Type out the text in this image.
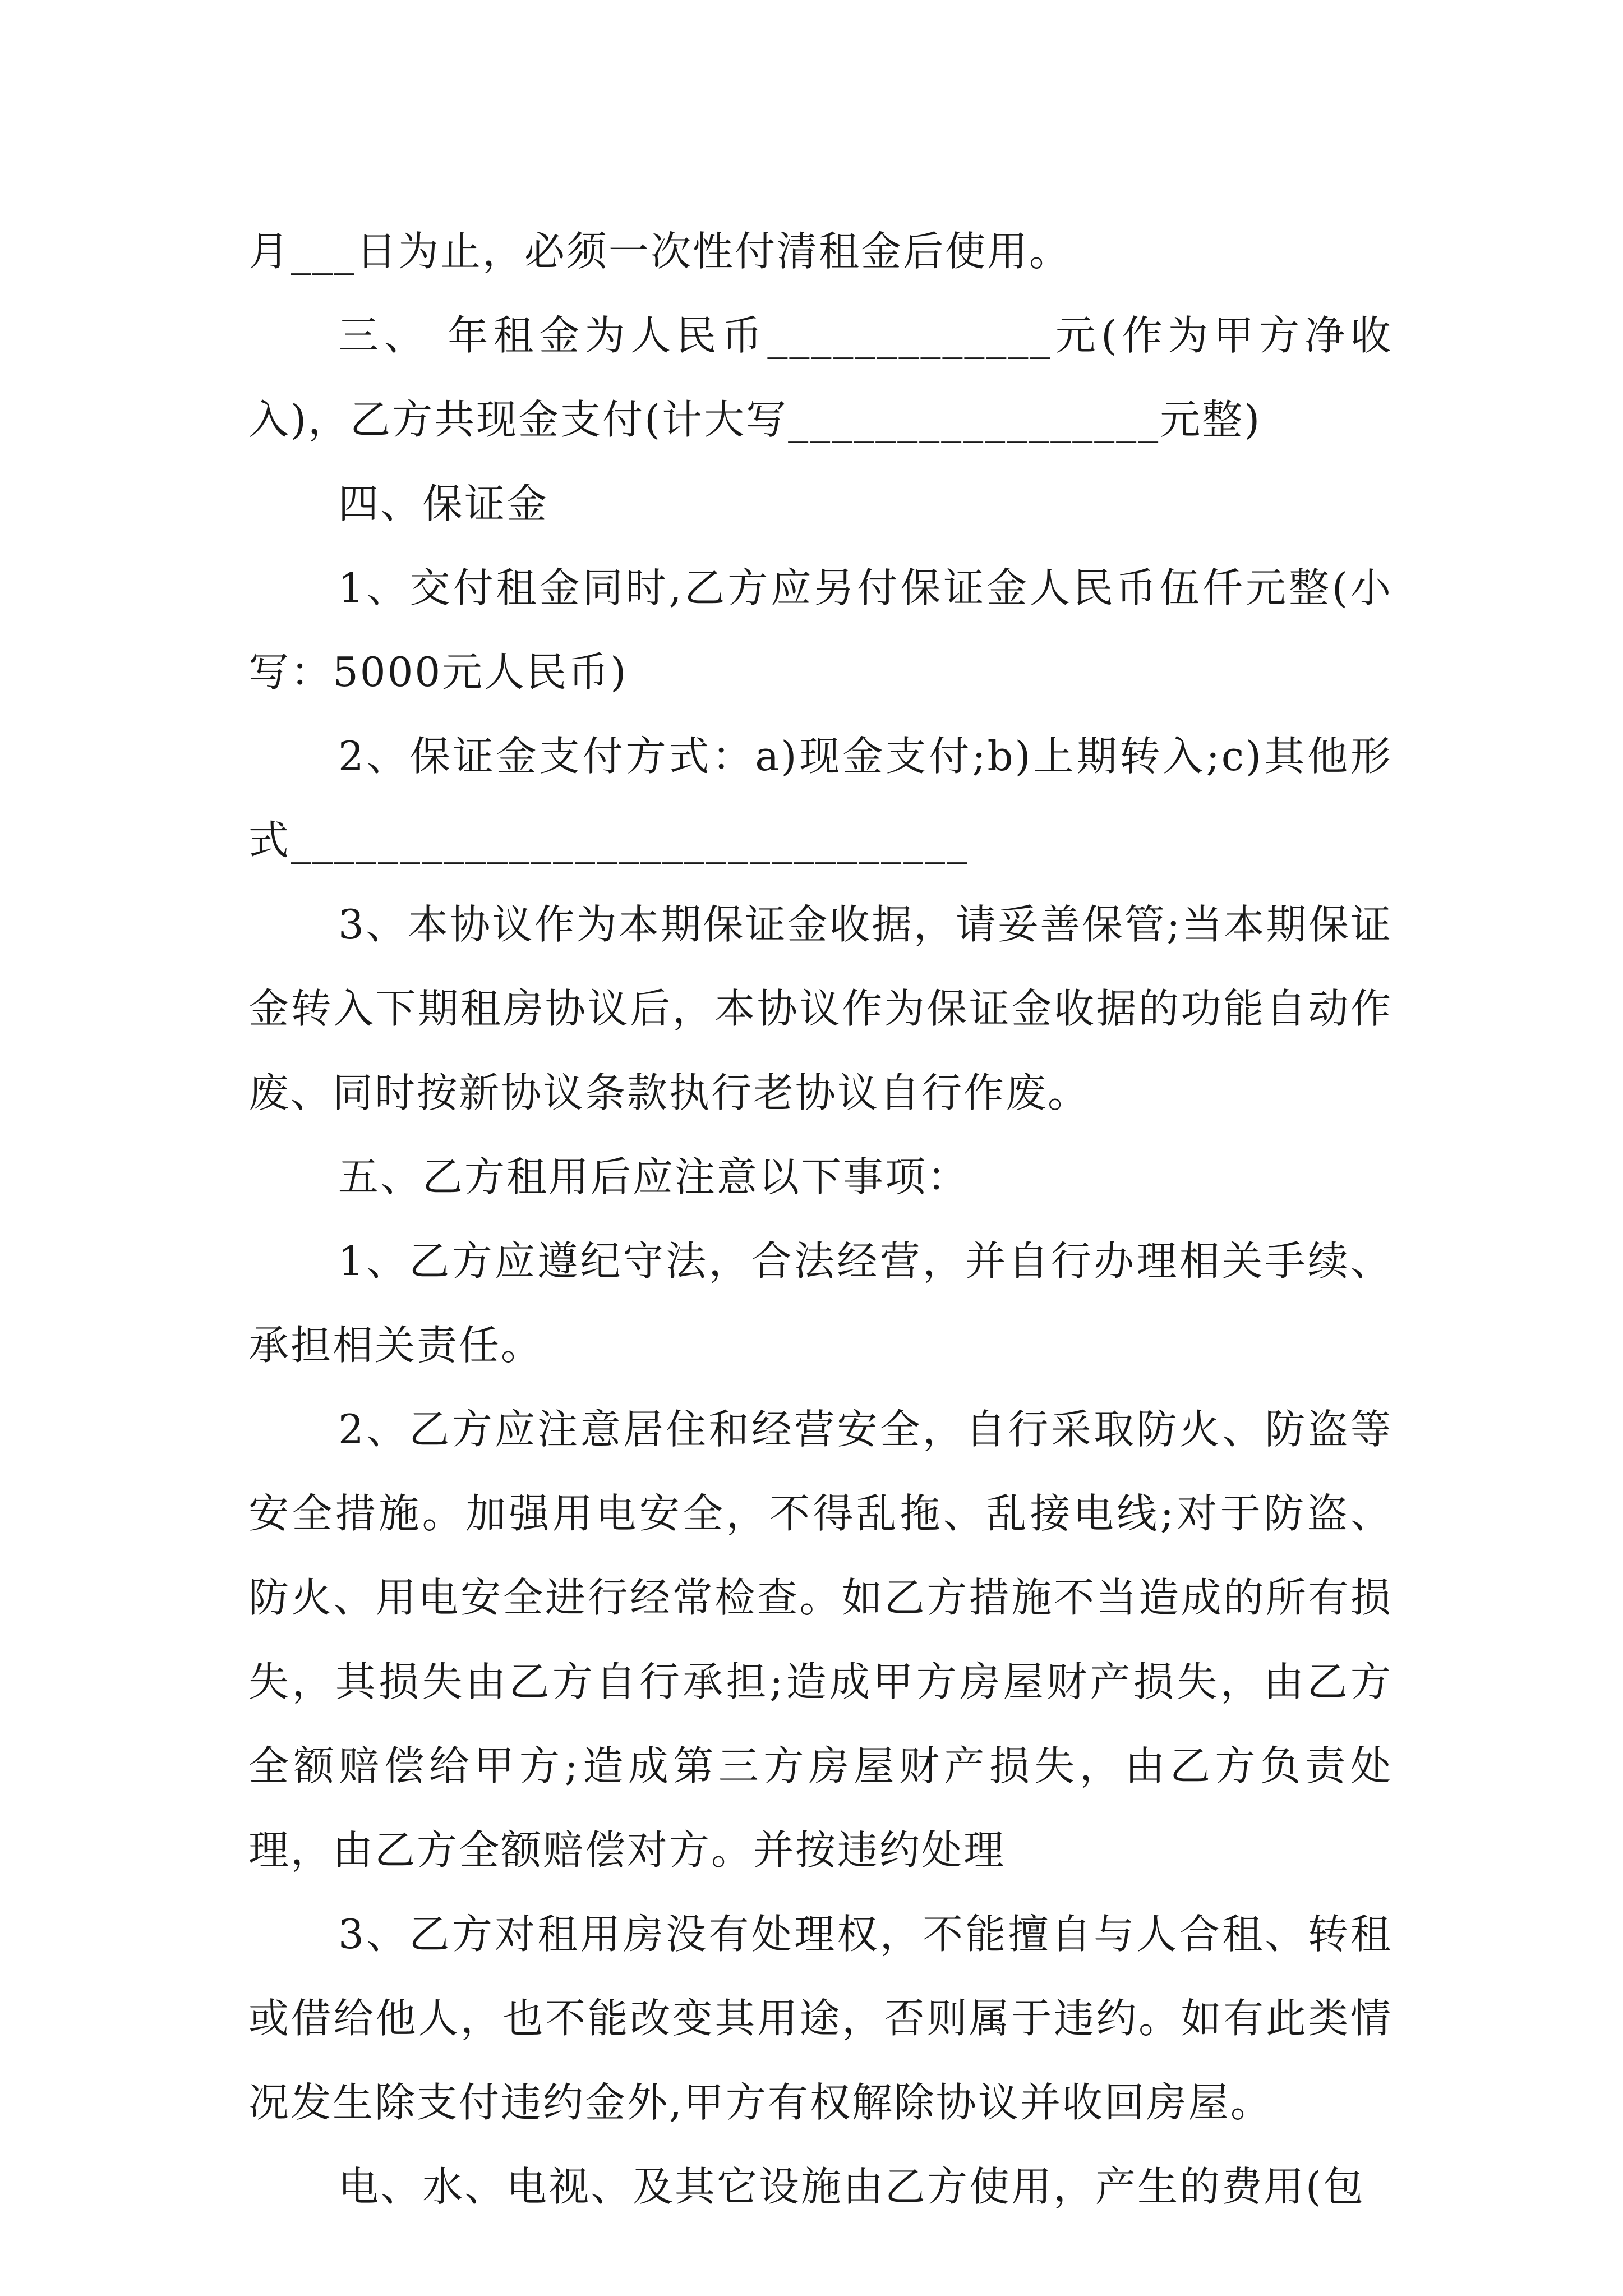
月___日为止，必须一次性付清租金后使用。

三、 年租金为人民币_____________元(作为甲方净收入)，乙方共现金支付(计大写_________________元整)

四、保证金

1、交付租金同时,乙方应另付保证金人民币伍仟元整(小写：5000元人民币)

2、保证金支付方式：a)现金支付;b)上期转入;c)其他形式_______________________________

3、本协议作为本期保证金收据，请妥善保管;当本期保证金转入下期租房协议后，本协议作为保证金收据的功能自动作废、同时按新协议条款执行老协议自行作废。

五、乙方租用后应注意以下事项：

1、乙方应遵纪守法，合法经营，并自行办理相关手续、承担相关责任。

2、乙方应注意居住和经营安全，自行采取防火、防盗等安全措施。加强用电安全，不得乱拖、乱接电线;对于防盗、防火、用电安全进行经常检查。如乙方措施不当造成的所有损失，其损失由乙方自行承担;造成甲方房屋财产损失，由乙方全额赔偿给甲方;造成第三方房屋财产损失，由乙方负责处理，由乙方全额赔偿对方。并按违约处理

3、乙方对租用房没有处理权，不能擅自与人合租、转租或借给他人，也不能改变其用途，否则属于违约。如有此类情况发生除支付违约金外,甲方有权解除协议并收回房屋。

电、水、电视、及其它设施由乙方使用，产生的费用(包
